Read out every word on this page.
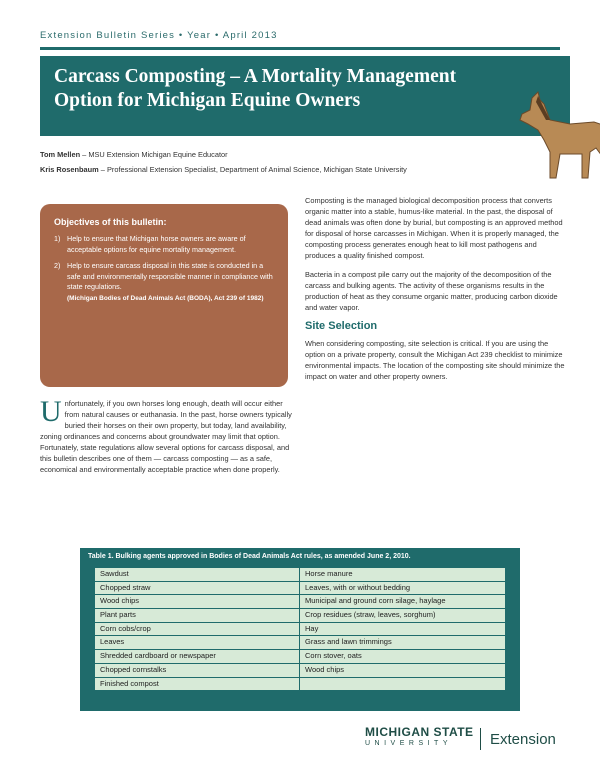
Extension Bulletin Series • Year • April 2013
Carcass Composting – A Mortality Management Option for Michigan Equine Owners
Tom Mellen – MSU Extension Michigan Equine Educator
Kris Rosenbaum – Professional Extension Specialist, Department of Animal Science, Michigan State University
Objectives of this bulletin:
1) Help to ensure that Michigan horse owners are aware of acceptable options for equine mortality management.
2) Help to ensure carcass disposal in this state is conducted in a safe and environmentally responsible manner in compliance with state regulations.
(Michigan Bodies of Dead Animals Act (BODA), Act 239 of 1982)
U nfortunately, if you own horses long enough, death will occur either from natural causes or euthanasia. In the past, horse owners typically buried their horses on their own property, but today, land availability, zoning ordinances and concerns about groundwater may limit that option. Fortunately, state regulations allow several options for carcass disposal, and this bulletin describes one of them — carcass composting — as a safe, economical and environmentally acceptable practice when done properly.

Composting is the managed biological decomposition process that converts organic matter into a stable, humus-like material. In the past, the disposal of dead animals was often done by burial, but composting is an approved method for disposal of horse carcasses in Michigan. When it is properly managed, the composting process generates enough heat to kill most pathogens and produces a quality finished compost.

Bacteria in a compost pile carry out the majority of the decomposition of the carcass and bulking agents. The activity of these organisms results in the production of heat as they consume organic matter, producing carbon dioxide and water vapor.

Site Selection

When considering composting, site selection is critical. If you are using the option on a private property, consult the Michigan Act 239 checklist to minimize environmental impacts. The location of the composting site should minimize the impact on water and other property owners.

Table 1. Bulking agents approved in Bodies of Dead Animals Act rules, as amended June 2, 2010.
Sawdust	Horse manure
Chopped straw	Leaves, with or without bedding
Wood chips	Municipal and ground corn silage, haylage
Plant parts	Crop residues (straw, leaves, sorghum)
Corn cobs/crop	Hay
Leaves	Grass and lawn trimmings
Shredded cardboard or newspaper	Corn stover, oats
Chopped cornstalks	Wood chips
Finished compost
MICHIGAN STATE
UNIVERSITY	Extension
